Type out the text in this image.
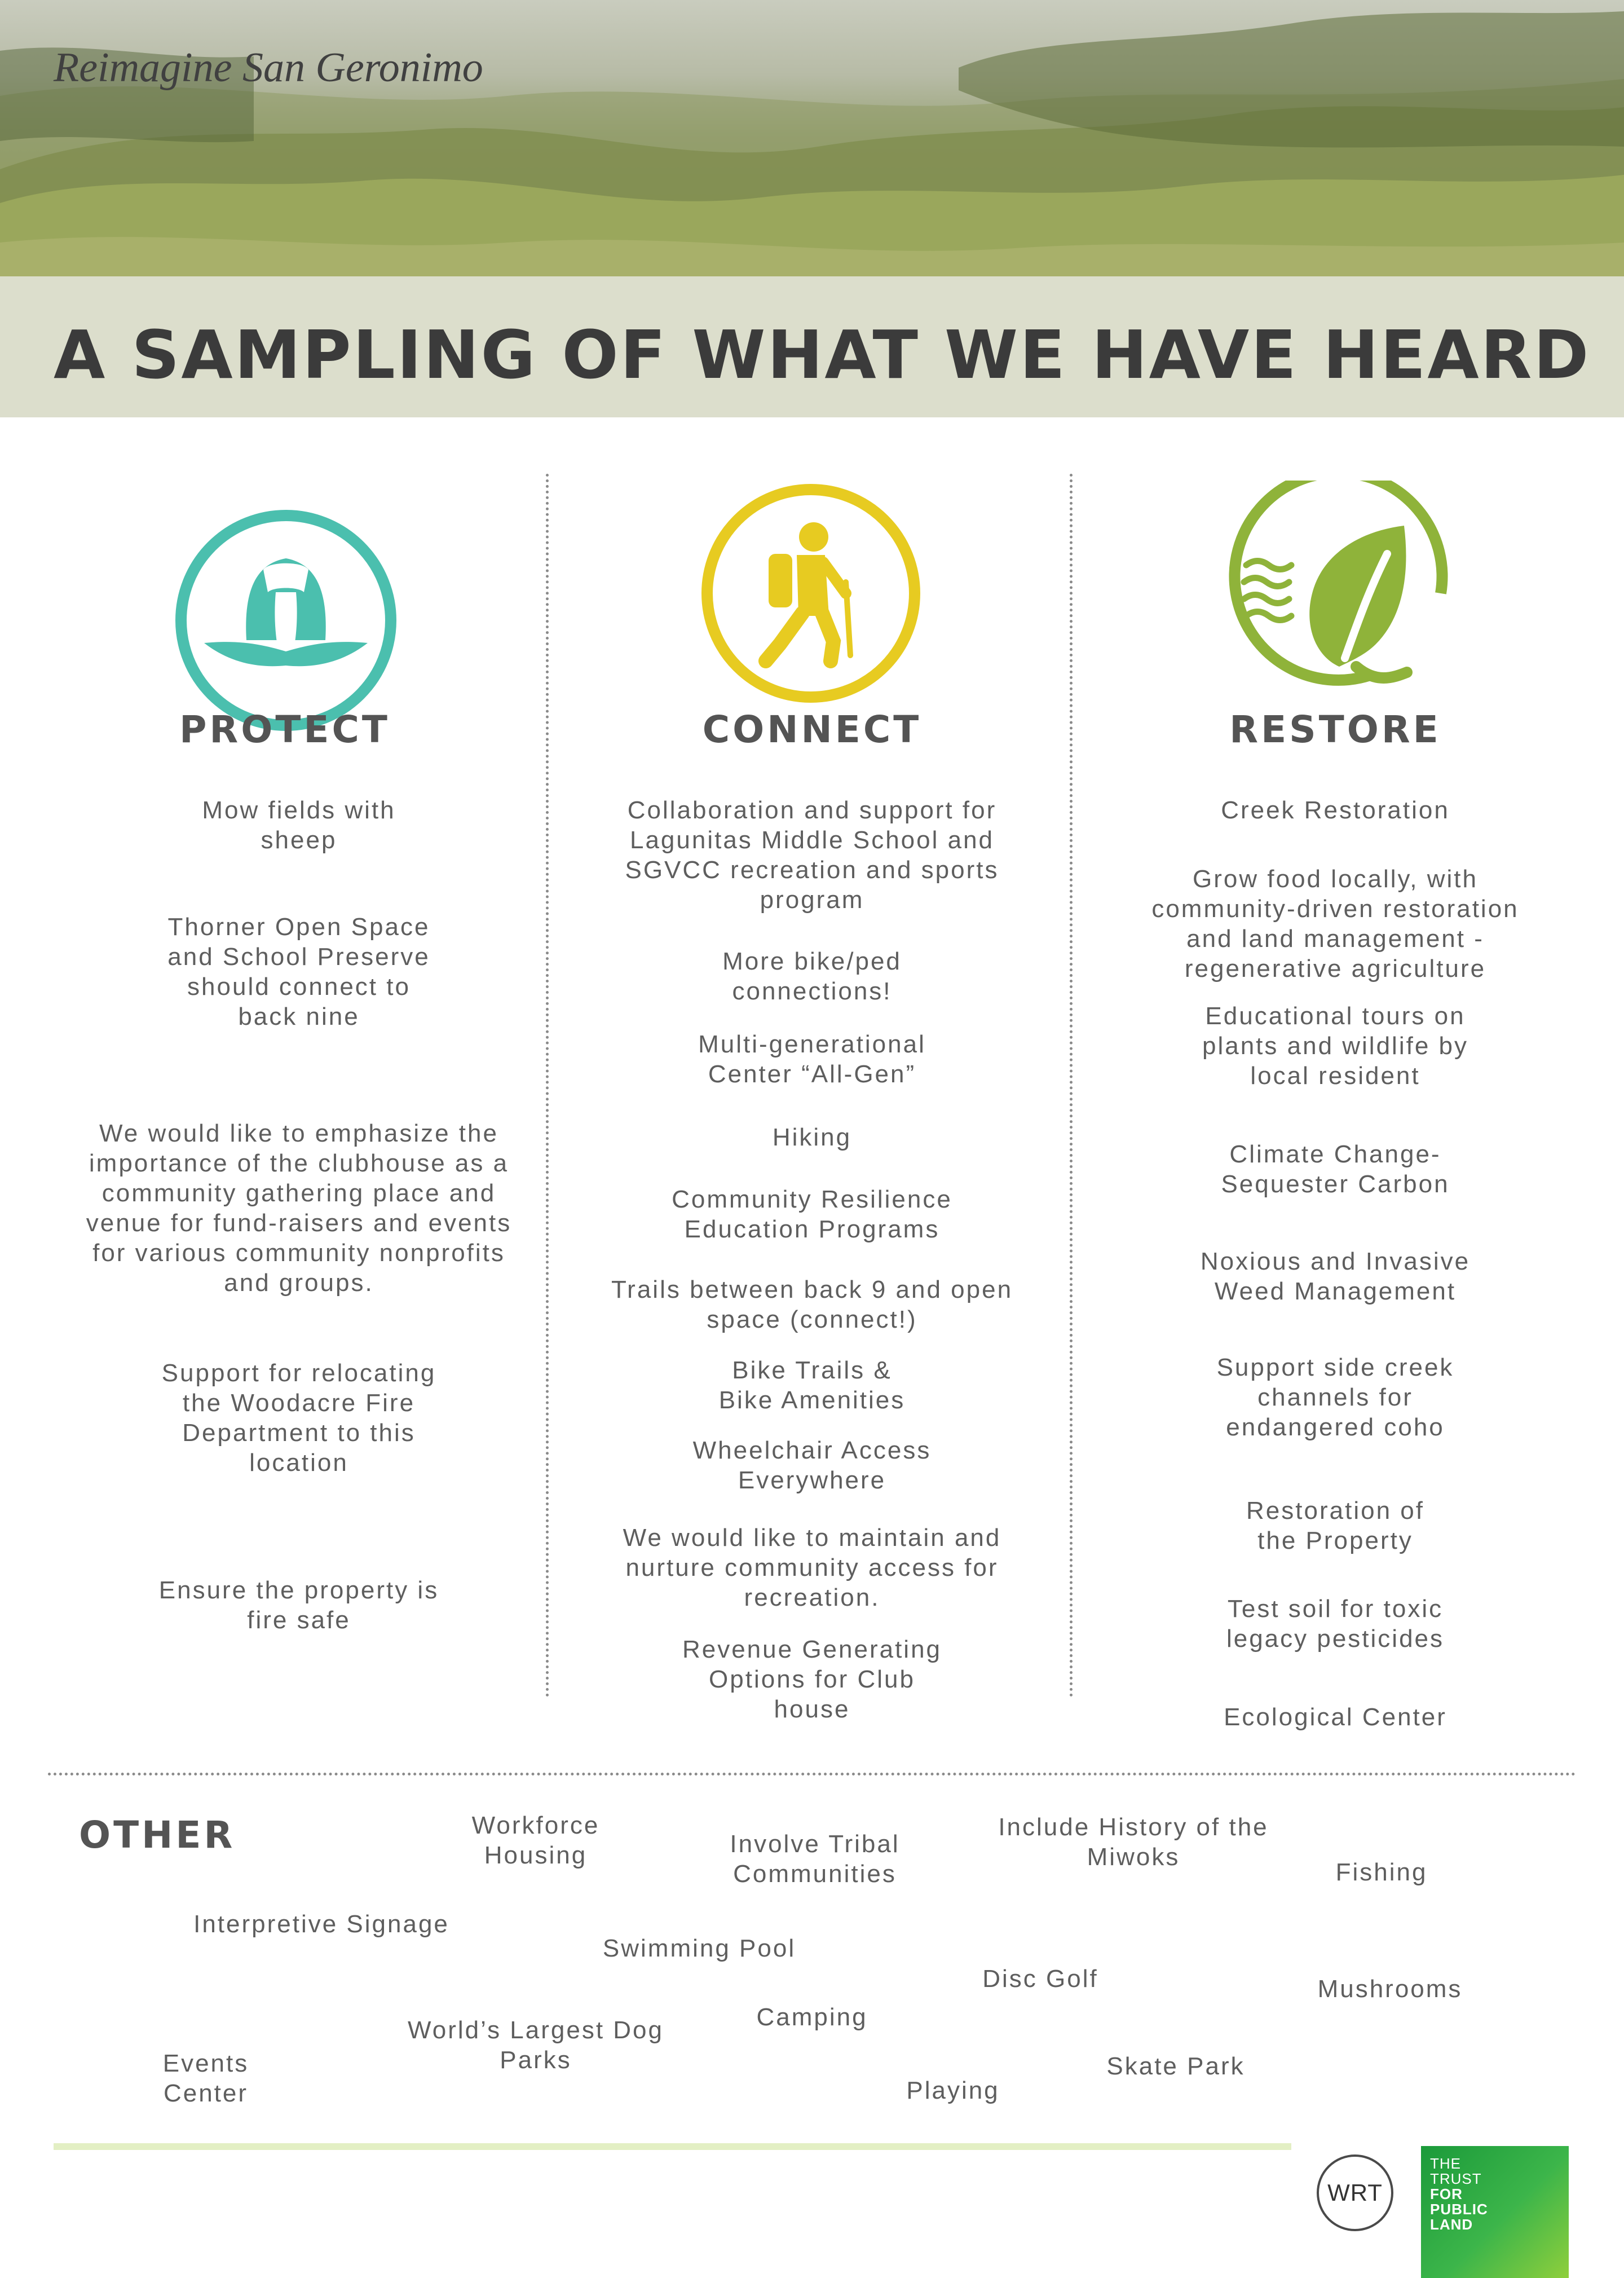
Reimagine San Geronimo
A SAMPLING OF WHAT WE HAVE HEARD
PROTECT
Mow fields with
sheep
Thorner Open Space
and School Preserve
should connect to
back nine
We would like to emphasize the
importance of the clubhouse as a
community gathering place and
venue for fund-raisers and events
for various community nonprofits
and groups.
Support for relocating
the Woodacre Fire
Department to this
location
Ensure the property is
fire safe
CONNECT
Collaboration and support for
Lagunitas Middle School and
SGVCC recreation and sports
program
More bike/ped
connections!
Multi-generational
Center “All-Gen”
Hiking
Community Resilience
Education Programs
Trails between back 9 and open
space (connect!)
Bike Trails &
Bike Amenities
Wheelchair Access
Everywhere
We would like to maintain and
nurture community access for
recreation.
Revenue Generating
Options for Club
house
RESTORE
Creek Restoration
Grow food locally, with
community-driven restoration
and land management -
regenerative agriculture
Educational tours on
plants and wildlife by
local resident
Climate Change-
Sequester Carbon
Noxious and Invasive
Weed Management
Support side creek
channels for
endangered coho
Restoration of
the Property
Test soil for toxic
legacy pesticides
Ecological Center
OTHER	Workforce
Housing	Involve Tribal
Communities
Include History of the
Miwoks
Fishing
Interpretive Signage
Swimming Pool
Disc Golf	Mushrooms
World’s Largest Dog
Parks
Camping
Skate Park
Events
Center	Playing
WRT
THE
TRUST
FOR
PUBLIC
LAND
